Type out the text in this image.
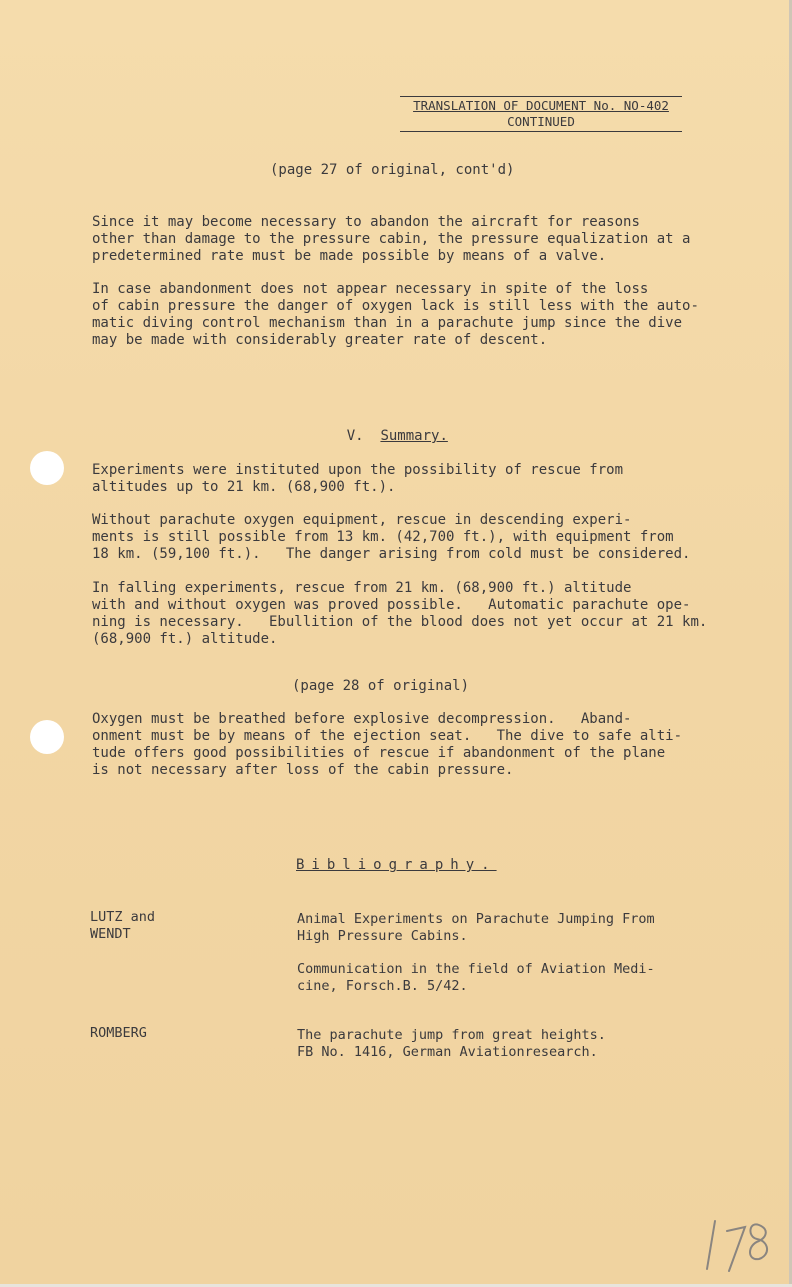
TRANSLATION OF DOCUMENT No. NO-402
CONTINUED
(page 27 of original, cont'd)
Since it may become necessary to abandon the aircraft for reasons
other than damage to the pressure cabin, the pressure equalization at a
predetermined rate must be made possible by means of a valve.
In case abandonment does not appear necessary in spite of the loss
of cabin pressure the danger of oxygen lack is still less with the auto-
matic diving control mechanism than in a parachute jump since the dive
may be made with considerably greater rate of descent.

V. Summary.

Experiments were instituted upon the possibility of rescue from
altitudes up to 21 km. (68,900 ft.).
Without parachute oxygen equipment, rescue in descending experi-
ments is still possible from 13 km. (42,700 ft.), with equipment from
18 km. (59,100 ft.).   The danger arising from cold must be considered.
In falling experiments, rescue from 21 km. (68,900 ft.) altitude
with and without oxygen was proved possible.   Automatic parachute ope-
ning is necessary.   Ebullition of the blood does not yet occur at 21 km.
(68,900 ft.) altitude.
(page 28 of original)
Oxygen must be breathed before explosive decompression.   Aband-
onment must be by means of the ejection seat.   The dive to safe alti-
tude offers good possibilities of rescue if abandonment of the plane
is not necessary after loss of the cabin pressure.
Bibliography.
LUTZ and
WENDT
Animal Experiments on Parachute Jumping From
High Pressure Cabins.
Communication in the field of Aviation Medi-
cine, Forsch.B. 5/42.
ROMBERG	The parachute jump from great heights.
FB No. 1416, German Aviationresearch.
